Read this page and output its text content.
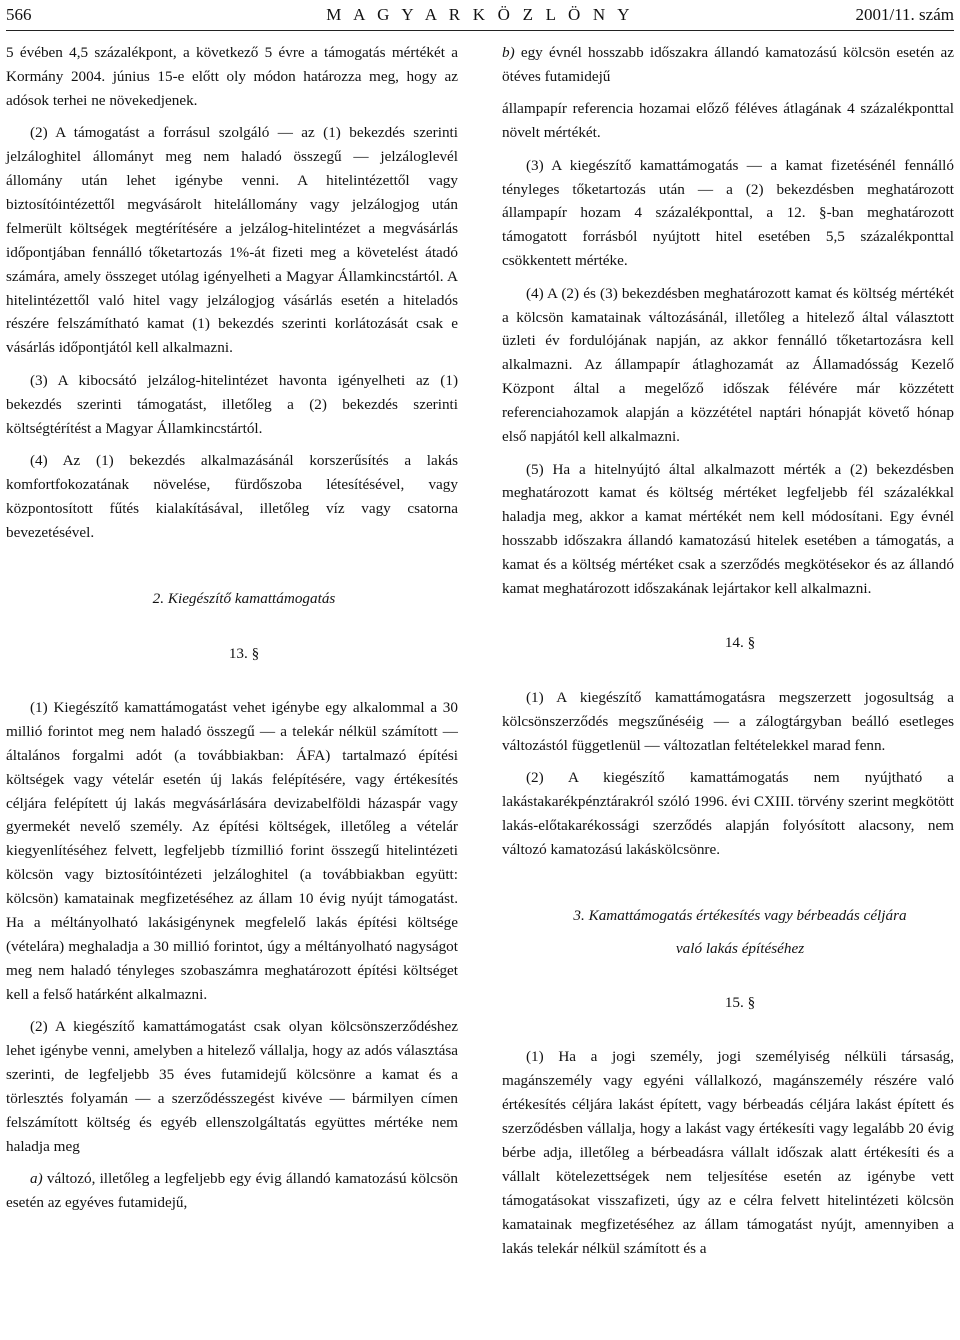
566	M A G Y A R K Ö Z L Ö N Y	2001/11. szám

5 évében 4,5 százalékpont, a következő 5 évre a támogatás mértékét a Kormány 2004. június 15-e előtt oly módon határozza meg, hogy az adósok terhei ne növekedjenek.

(2) A támogatást a forrásul szolgáló — az (1) bekezdés szerinti jelzáloghitel állományt meg nem haladó összegű — jelzáloglevél állomány után lehet igénybe venni. A hitelintézettől vagy biztosítóintézettől megvásárolt hitelállomány vagy jelzálogjog után felmerült költségek megtérítésére a jelzálog-hitelintézet a megvásárlás időpontjában fennálló tőketartozás 1%-át fizeti meg a követelést átadó számára, amely összeget utólag igényelheti a Magyar Államkincstártól. A hitelintézettől való hitel vagy jelzálogjog vásárlás esetén a hiteladós részére felszámítható kamat (1) bekezdés szerinti korlátozását csak e vásárlás időpontjától kell alkalmazni.

(3) A kibocsátó jelzálog-hitelintézet havonta igényelheti az (1) bekezdés szerinti támogatást, illetőleg a (2) bekezdés szerinti költségtérítést a Magyar Államkincstártól.

(4) Az (1) bekezdés alkalmazásánál korszerűsítés a lakás komfortfokozatának növelése, fürdőszoba létesítésével, vagy központosított fűtés kialakításával, illetőleg víz vagy csatorna bevezetésével.

2. Kiegészítő kamattámogatás

13. §

(1) Kiegészítő kamattámogatást vehet igénybe egy alkalommal a 30 millió forintot meg nem haladó összegű — a telekár nélkül számított — általános forgalmi adót (a továbbiakban: ÁFA) tartalmazó építési költségek vagy vételár esetén új lakás felépítésére, vagy értékesítés céljára felépített új lakás megvásárlására devizabelföldi házaspár vagy gyermekét nevelő személy. Az építési költségek, illetőleg a vételár kiegyenlítéséhez felvett, legfeljebb tízmillió forint összegű hitelintézeti kölcsön vagy biztosítóintézeti jelzáloghitel (a továbbiakban együtt: kölcsön) kamatainak megfizetéséhez az állam 10 évig nyújt támogatást. Ha a méltányolható lakásigénynek megfelelő lakás építési költsége (vételára) meghaladja a 30 millió forintot, úgy a méltányolható nagyságot meg nem haladó tényleges szobaszámra meghatározott építési költséget kell a felső határként alkalmazni.

(2) A kiegészítő kamattámogatást csak olyan kölcsönszerződéshez lehet igénybe venni, amelyben a hitelező vállalja, hogy az adós választása szerinti, de legfeljebb 35 éves futamidejű kölcsönre a kamat és a törlesztés folyamán — a szerződésszegést kivéve — bármilyen címen felszámított költség és egyéb ellenszolgáltatás együttes mértéke nem haladja meg

a) változó, illetőleg a legfeljebb egy évig állandó kamatozású kölcsön esetén az egyéves futamidejű,

b) egy évnél hosszabb időszakra állandó kamatozású kölcsön esetén az ötéves futamidejű

állampapír referencia hozamai előző féléves átlagának 4 százalékponttal növelt mértékét.

(3) A kiegészítő kamattámogatás — a kamat fizetésénél fennálló tényleges tőketartozás után — a (2) bekezdésben meghatározott állampapír hozam 4 százalékponttal, a 12. §-ban meghatározott támogatott forrásból nyújtott hitel esetében 5,5 százalékponttal csökkentett mértéke.

(4) A (2) és (3) bekezdésben meghatározott kamat és költség mértékét a kölcsön kamatainak változásánál, illetőleg a hitelező által választott üzleti év fordulójának napján, az akkor fennálló tőketartozásra kell alkalmazni. Az állampapír átlaghozamát az Államadósság Kezelő Központ által a megelőző időszak félévére már közzétett referenciahozamok alapján a közzététel naptári hónapját követő hónap első napjától kell alkalmazni.

(5) Ha a hitelnyújtó által alkalmazott mérték a (2) bekezdésben meghatározott kamat és költség mértéket legfeljebb fél százalékkal haladja meg, akkor a kamat mértékét nem kell módosítani. Egy évnél hosszabb időszakra állandó kamatozású hitelek esetében a támogatás, a kamat és a költség mértéket csak a szerződés megkötésekor és az állandó kamat meghatározott időszakának lejártakor kell alkalmazni.

14. §

(1) A kiegészítő kamattámogatásra megszerzett jogosultság a kölcsönszerződés megszűnéséig — a zálogtárgyban beálló esetleges változástól függetlenül — változatlan feltételekkel marad fenn.

(2) A kiegészítő kamattámogatás nem nyújtható a lakástakarékpénztárakról szóló 1996. évi CXIII. törvény szerint megkötött lakás-előtakarékossági szerződés alapján folyósított alacsony, nem változó kamatozású lakáskölcsönre.

3. Kamattámogatás értékesítés vagy bérbeadás céljára

való lakás építéséhez

15. §

(1) Ha a jogi személy, jogi személyiség nélküli társaság, magánszemély vagy egyéni vállalkozó, magánszemély részére való értékesítés céljára lakást épített, vagy bérbeadás céljára lakást épített és szerződésben vállalja, hogy a lakást vagy értékesíti vagy legalább 20 évig bérbe adja, illetőleg a bérbeadásra vállalt időszak alatt értékesíti és a vállalt kötelezettségek nem teljesítése esetén az igénybe vett támogatásokat visszafizeti, úgy az e célra felvett hitelintézeti kölcsön kamatainak megfizetéséhez az állam támogatást nyújt, amennyiben a lakás telekár nélkül számított és a
